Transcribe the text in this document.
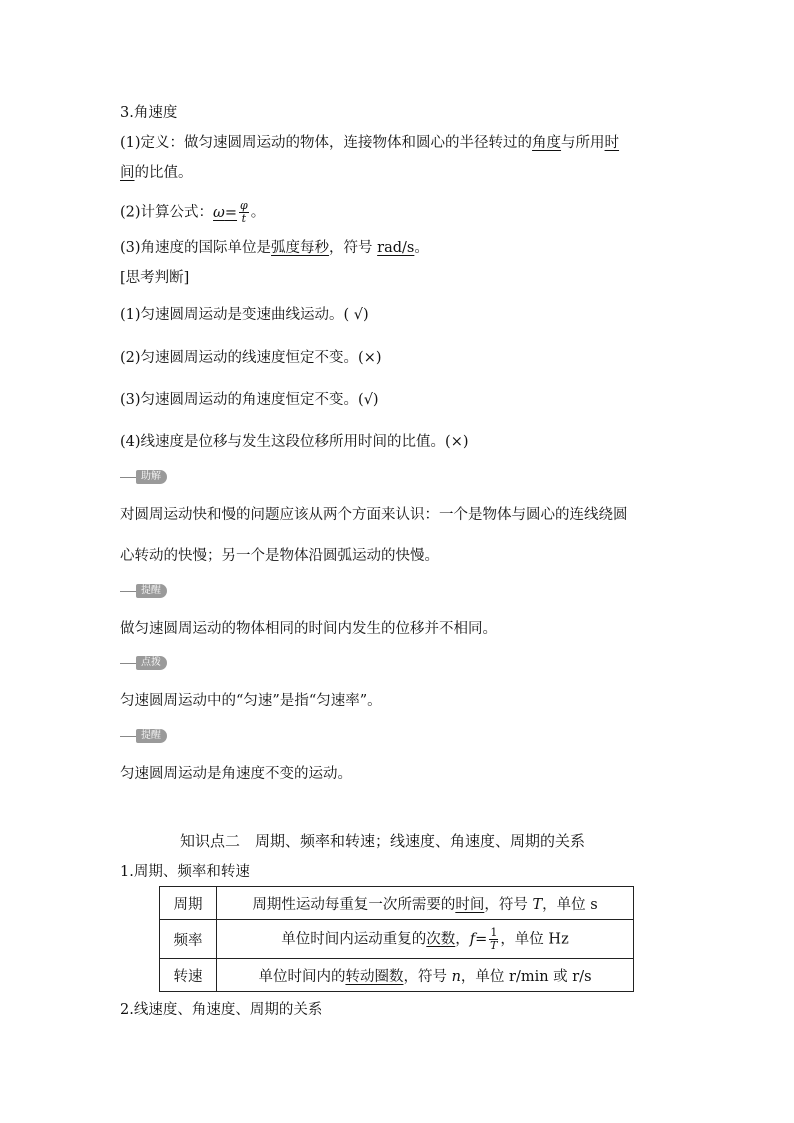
3.角速度
(1)定义：做匀速圆周运动的物体，连接物体和圆心的半径转过的角度与所用时
间的比值。
(2)计算公式：$\omega= \frac{\varphi}{t}$ 。
(3)角速度的国际单位是弧度每秒，符号 rad/s。
[思考判断]
(1)匀速圆周运动是变速曲线运动。( √)
(2)匀速圆周运动的线速度恒定不变。(×)
(3)匀速圆周运动的角速度恒定不变。(√)
(4)线速度是位移与发生这段位移所用时间的比值。(×)
助解
对圆周运动快和慢的问题应该从两个方面来认识：一个是物体与圆心的连线绕圆
心转动的快慢；另一个是物体沿圆弧运动的快慢。
提醒
做匀速圆周运动的物体相同的时间内发生的位移并不相同。
点拨
匀速圆周运动中的“匀速”是指“匀速率”。
提醒
匀速圆周运动是角速度不变的运动。
知识点二　周期、频率和转速；线速度、角速度、周期的关系
1.周期、频率和转速
周期	周期性运动每重复一次所需要的时间，符号 T，单位 s
频率	单位时间内运动重复的次数，$f= \frac{1}{T}$ ，单位 Hz
转速	单位时间内的转动圈数，符号 n，单位 r/min 或 r/s
2.线速度、角速度、周期的关系
